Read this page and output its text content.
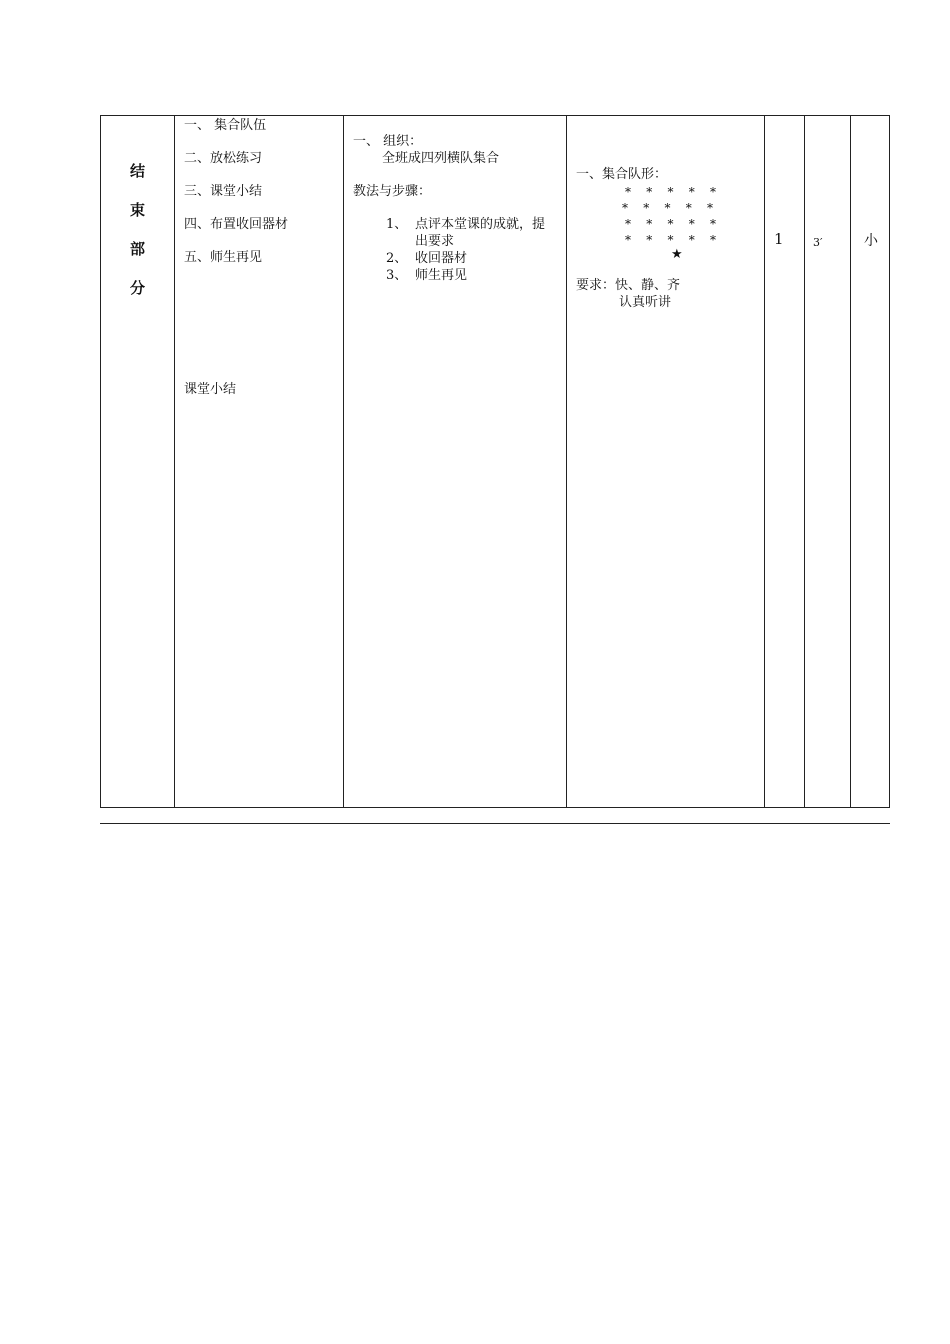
结
束
部
分
一、 集合队伍
二、放松练习
三、课堂小结
四、布置收回器材
五、师生再见
课堂小结
一、 组织：
全班成四列横队集合
教法与步骤：
1、 点评本堂课的成就，提
出要求
2、 收回器材
3、 师生再见
一、集合队形：
*    *    *    *    *
*    *    *    *    *
*    *    *    *    *
*    *    *    *    *
★
要求：快、静、齐
认真听讲
1	3′	小
